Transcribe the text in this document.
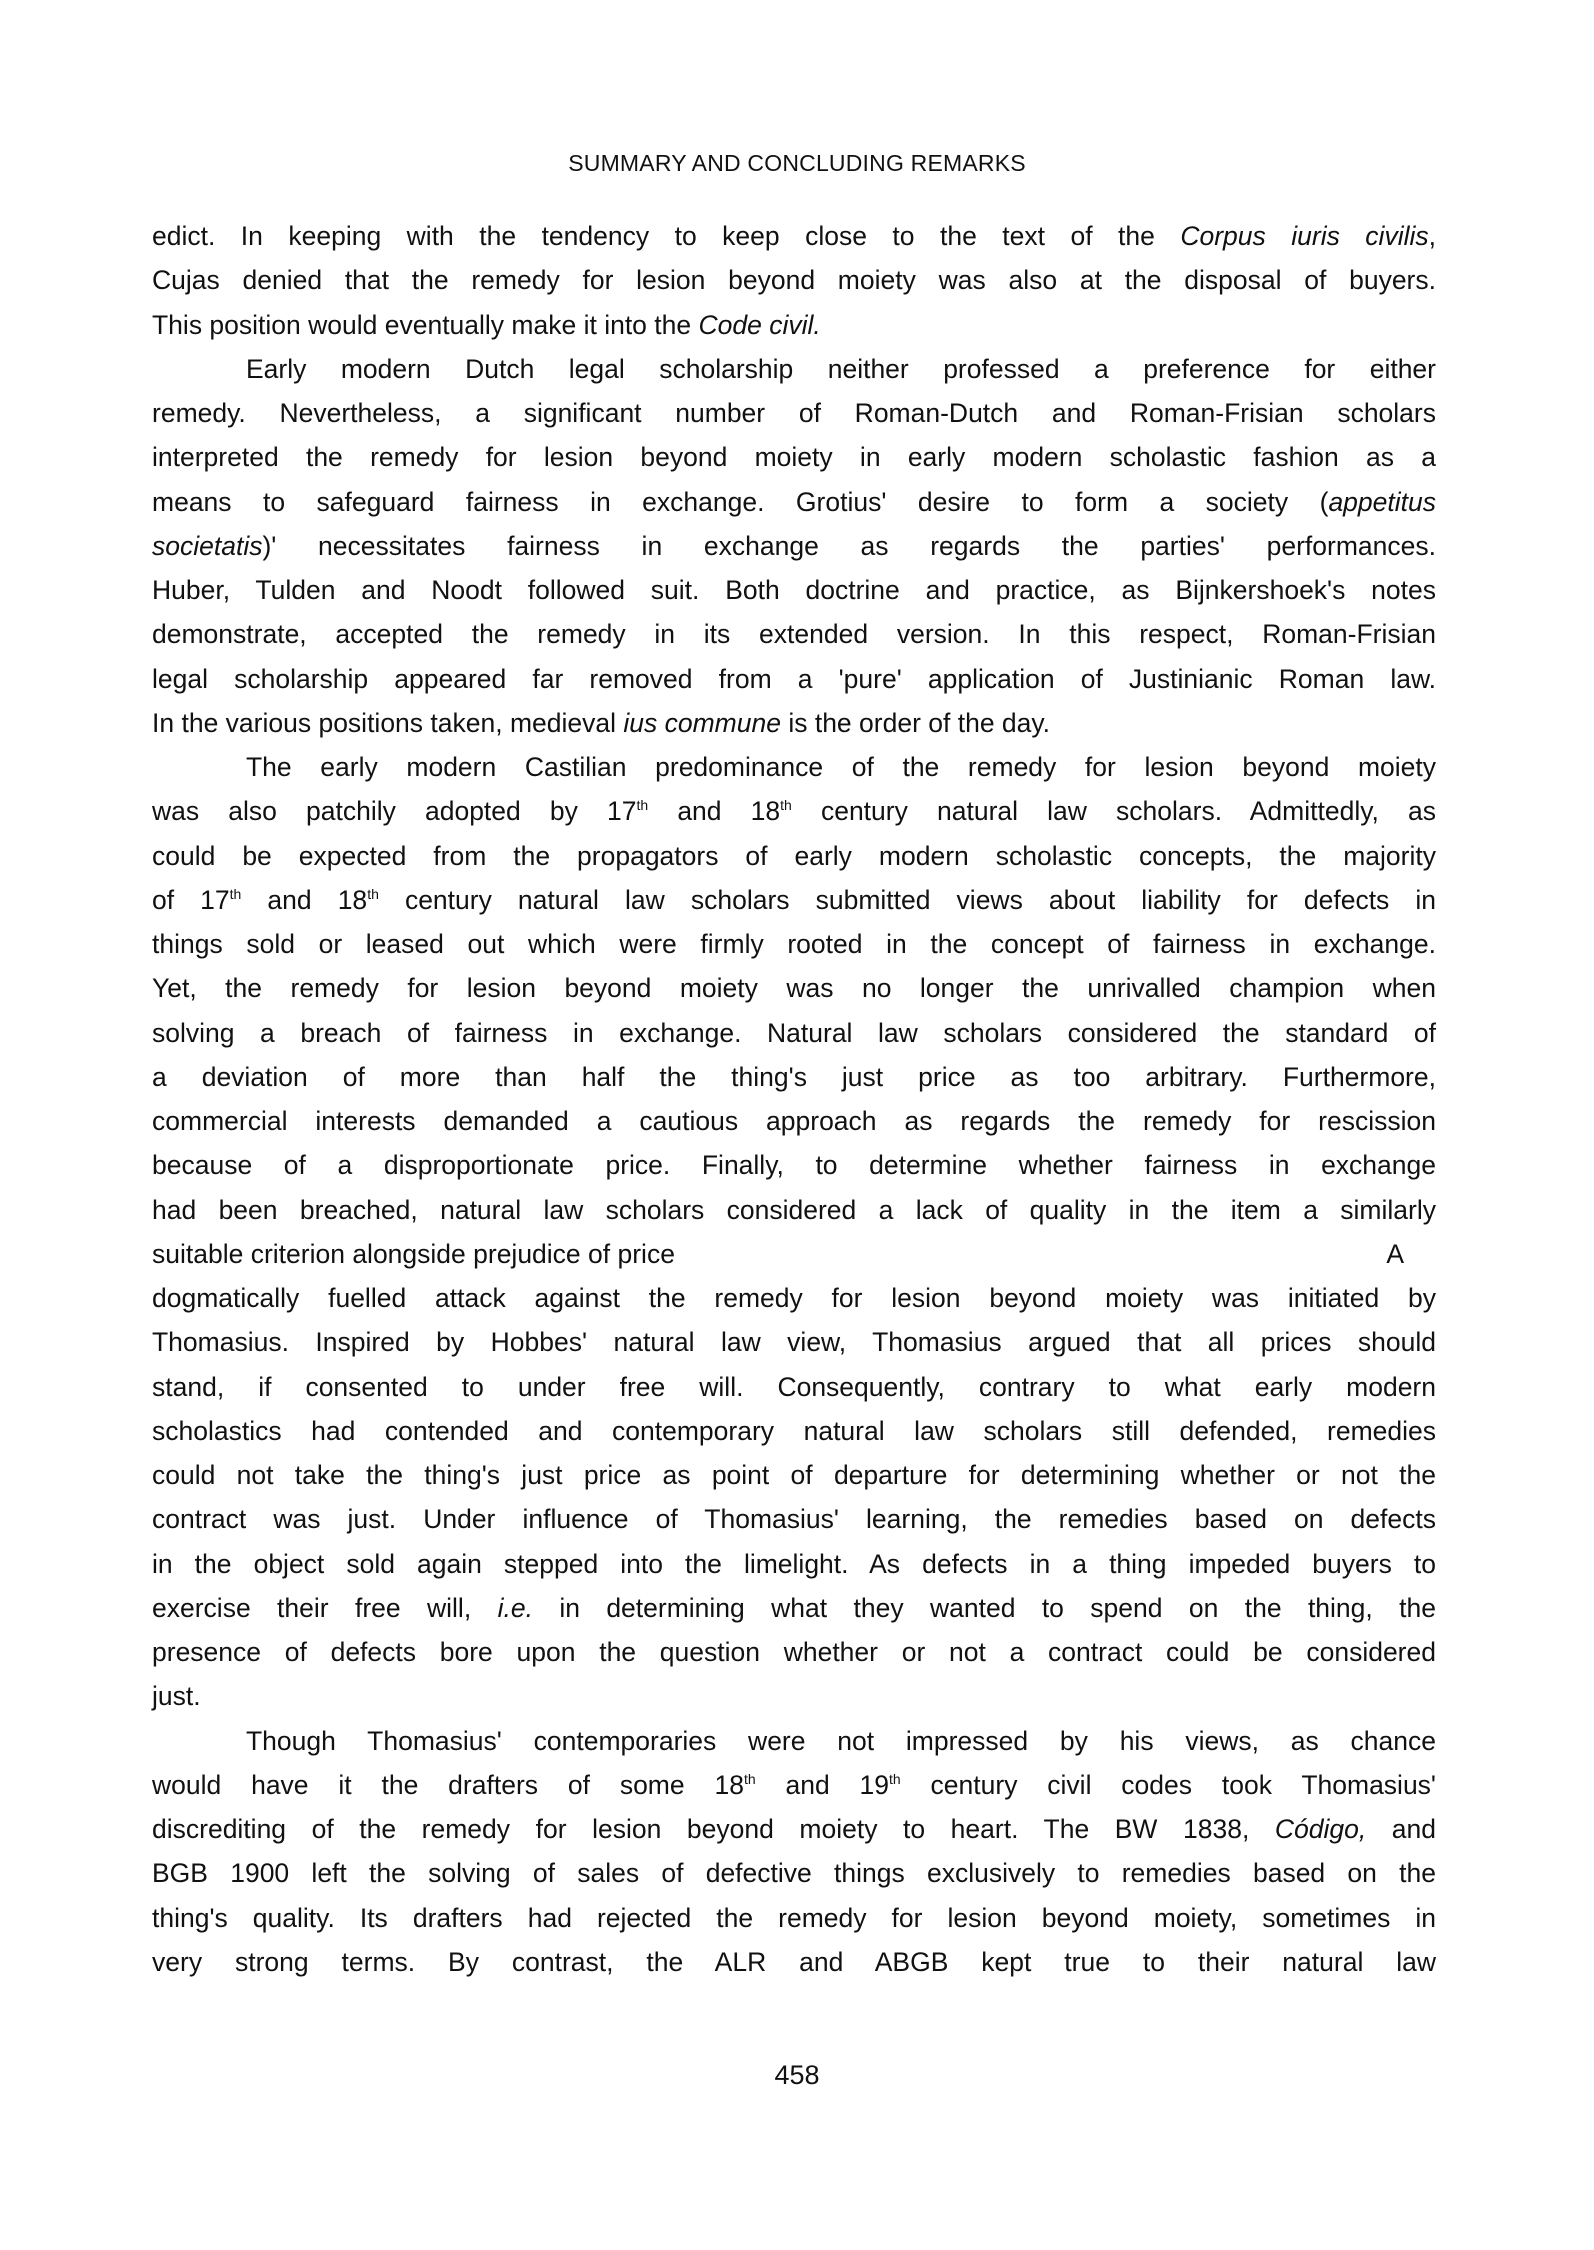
SUMMARY AND CONCLUDING REMARKS
edict. In keeping with the tendency to keep close to the text of the Corpus iuris civilis,
Cujas denied that the remedy for lesion beyond moiety was also at the disposal of buyers.
This position would eventually make it into the Code civil.
Early modern Dutch legal scholarship neither professed a preference for either
remedy. Nevertheless, a significant number of Roman-Dutch and Roman-Frisian scholars
interpreted the remedy for lesion beyond moiety in early modern scholastic fashion as a
means to safeguard fairness in exchange. Grotius' desire to form a society (appetitus
societatis)' necessitates fairness in exchange as regards the parties' performances.
Huber, Tulden and Noodt followed suit. Both doctrine and practice, as Bijnkershoek's notes
demonstrate, accepted the remedy in its extended version. In this respect, Roman-Frisian
legal scholarship appeared far removed from a 'pure' application of Justinianic Roman law.
In the various positions taken, medieval ius commune is the order of the day.
The early modern Castilian predominance of the remedy for lesion beyond moiety
was also patchily adopted by 17th and 18th century natural law scholars. Admittedly, as
could be expected from the propagators of early modern scholastic concepts, the majority
of 17th and 18th century natural law scholars submitted views about liability for defects in
things sold or leased out which were firmly rooted in the concept of fairness in exchange.
Yet, the remedy for lesion beyond moiety was no longer the unrivalled champion when
solving a breach of fairness in exchange. Natural law scholars considered the standard of
a deviation of more than half the thing's just price as too arbitrary. Furthermore,
commercial interests demanded a cautious approach as regards the remedy for rescission
because of a disproportionate price. Finally, to determine whether fairness in exchange
had been breached, natural law scholars considered a lack of quality in the item a similarly
suitable criterion alongside prejudice of price	A
dogmatically fuelled attack against the remedy for lesion beyond moiety was initiated by
Thomasius. Inspired by Hobbes' natural law view, Thomasius argued that all prices should
stand, if consented to under free will. Consequently, contrary to what early modern
scholastics had contended and contemporary natural law scholars still defended, remedies
could not take the thing's just price as point of departure for determining whether or not the
contract was just. Under influence of Thomasius' learning, the remedies based on defects
in the object sold again stepped into the limelight. As defects in a thing impeded buyers to
exercise their free will, i.e. in determining what they wanted to spend on the thing, the
presence of defects bore upon the question whether or not a contract could be considered
just.
Though Thomasius' contemporaries were not impressed by his views, as chance
would have it the drafters of some 18th and 19th century civil codes took Thomasius'
discrediting of the remedy for lesion beyond moiety to heart. The BW 1838, Código, and
BGB 1900 left the solving of sales of defective things exclusively to remedies based on the
thing's quality. Its drafters had rejected the remedy for lesion beyond moiety, sometimes in
very strong terms. By contrast, the ALR and ABGB kept true to their natural law
458
